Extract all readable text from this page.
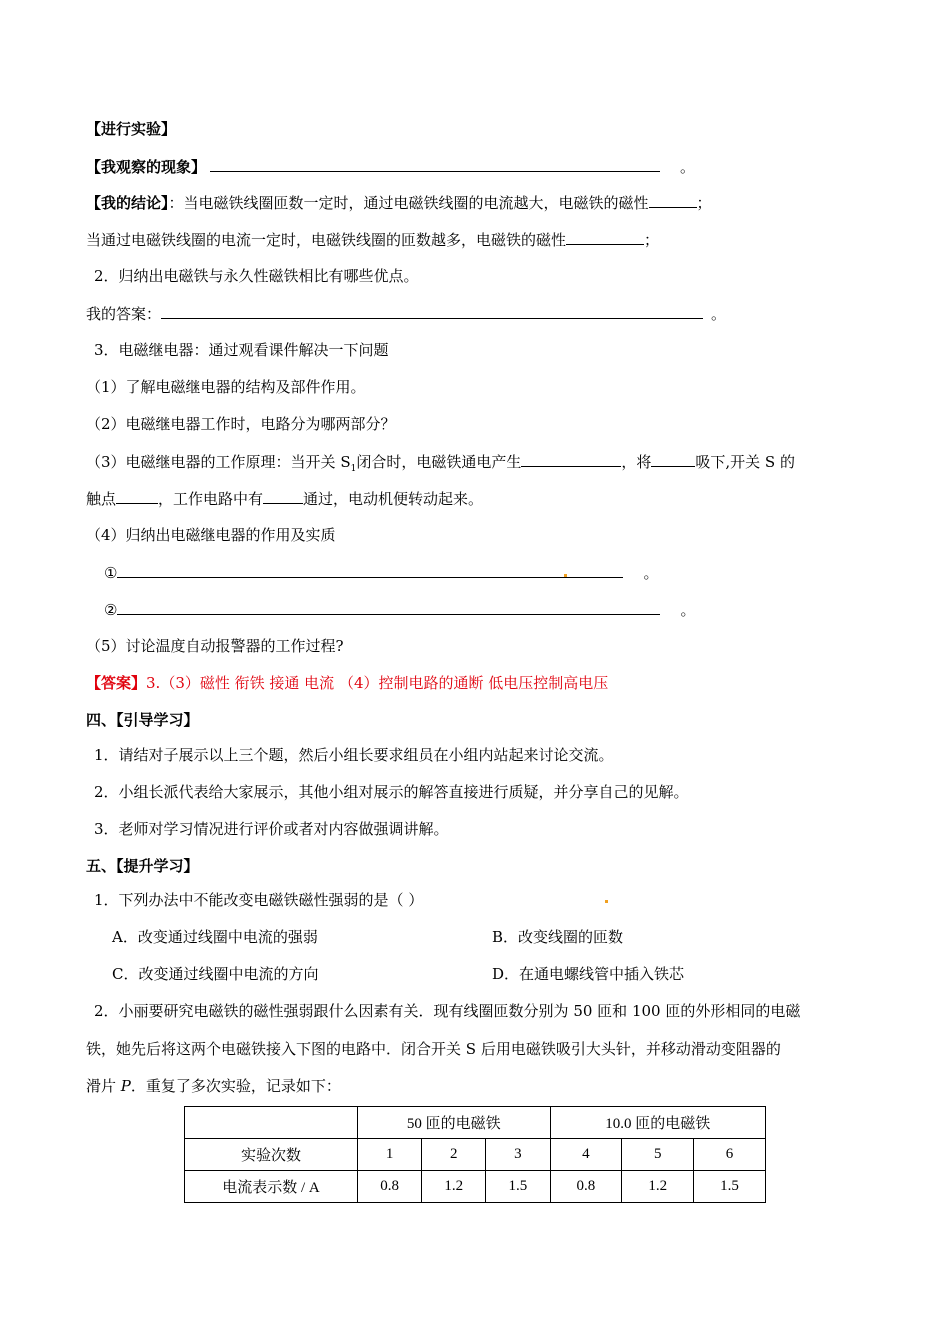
【进行实验】
【我观察的现象】	。
【我的结论】：当电磁铁线圈匝数一定时，通过电磁铁线圈的电流越大，电磁铁的磁性	；
当通过电磁铁线圈的电流一定时，电磁铁线圈的匝数越多，电磁铁的磁性	；
2．归纳出电磁铁与永久性磁铁相比有哪些优点。
我的答案：	。
3．电磁继电器：通过观看课件解决一下问题
（1）了解电磁继电器的结构及部件作用。
（2）电磁继电器工作时，电路分为哪两部分？
（3）电磁继电器的工作原理：当开关 $S_1$闭合时，电磁铁通电产生	，将	吸下,开关 S 的
触点	，工作电路中有	通过，电动机便转动起来。
（4）归纳出电磁继电器的作用及实质
①	。
②	。
（5）讨论温度自动报警器的工作过程?
【答案】3.（3）磁性 衔铁 接通 电流 （4）控制电路的通断 低电压控制高电压
四、【引导学习】
1．请结对子展示以上三个题，然后小组长要求组员在小组内站起来讨论交流。
2．小组长派代表给大家展示，其他小组对展示的解答直接进行质疑，并分享自己的见解。
3．老师对学习情况进行评价或者对内容做强调讲解。
五、【提升学习】
1．下列办法中不能改变电磁铁磁性强弱的是（ ）
A．改变通过线圈中电流的强弱	B．改变线圈的匝数
C．改变通过线圈中电流的方向	D．在通电螺线管中插入铁芯
2．小丽要研究电磁铁的磁性强弱跟什么因素有关．现有线圈匝数分别为 50 匝和 100 匝的外形相同的电磁
铁，她先后将这两个电磁铁接入下图的电路中．闭合开关 S 后用电磁铁吸引大头针，并移动滑动变阻器的
滑片 P．重复了多次实验，记录如下：
	50 匝的电磁铁			10.0 匝的电磁铁		
实验次数	1	2	3	4	5	6
电流表示数 / A	0.8	1.2	1.5	0.8	1.2	1.5
